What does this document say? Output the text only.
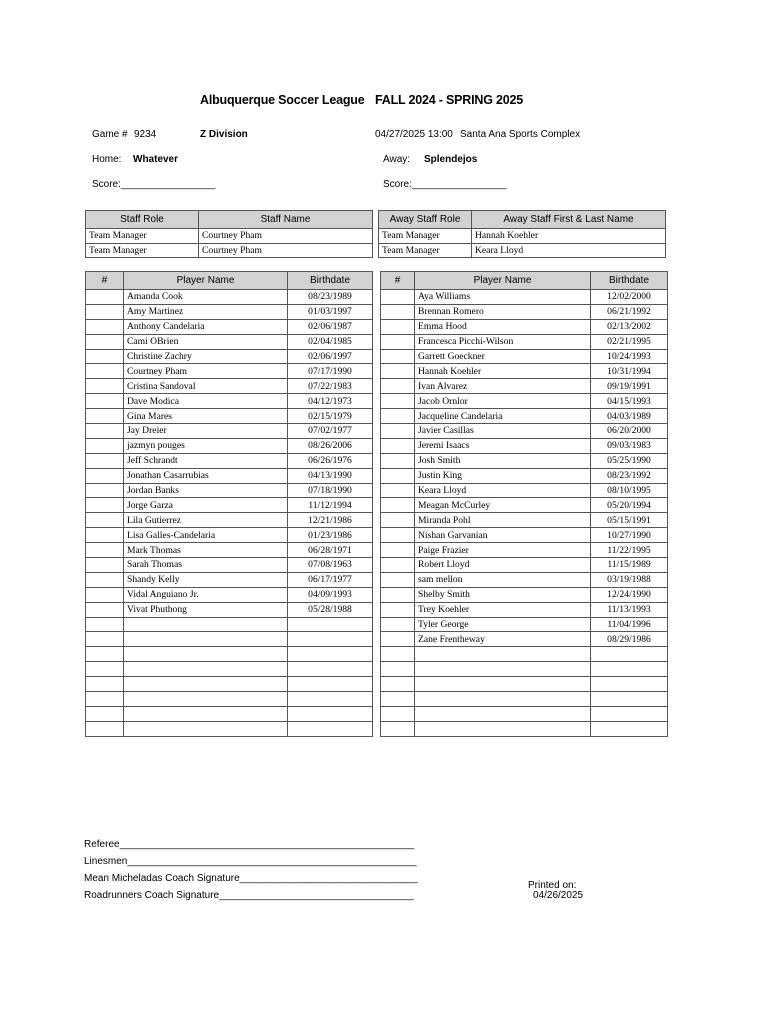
Albuquerque Soccer League FALL 2024 - SPRING 2025
Game # 9234	Z Division	04/27/2025 13:00 Santa Ana Sports Complex
Home: Whatever	Away: Splendejos
Score:_________________	Score:_________________
Staff Role	Staff Name
Team Manager	Courtney Pham
Team Manager	Courtney Pham
Away Staff Role	Away Staff First & Last Name
Team Manager	Hannah Koehler
Team Manager	Keara Lloyd
#	Player Name	Birthdate
	Amanda Cook	08/23/1989
	Amy Martinez	01/03/1997
	Anthony Candelaria	02/06/1987
	Cami OBrien	02/04/1985
	Christine Zachry	02/06/1997
	Courtney Pham	07/17/1990
	Cristina Sandoval	07/22/1983
	Dave Modica	04/12/1973
	Gina Mares	02/15/1979
	Jay Dreier	07/02/1977
	jazmyn pouges	08/26/2006
	Jeff Schrandt	06/26/1976
	Jonathan Casarrubias	04/13/1990
	Jordan Banks	07/18/1990
	Jorge Garza	11/12/1994
	Lila Gutierrez	12/21/1986
	Lisa Galles-Candelaria	01/23/1986
	Mark Thomas	06/28/1971
	Sarah Thomas	07/08/1963
	Shandy Kelly	06/17/1977
	Vidal Anguiano Jr.	04/09/1993
	Vivat Phuthong	05/28/1988

#	Player Name	Birthdate
	Aya Williams	12/02/2000
	Brennan Romero	06/21/1992
	Emma Hood	02/13/2002
	Francesca Picchi-Wilson	02/21/1995
	Garrett Goeckner	10/24/1993
	Hannah Koehler	10/31/1994
	Ivan Alvarez	09/19/1991
	Jacob Ornlor	04/15/1993
	Jacqueline Candelaria	04/03/1989
	Javier Casillas	06/20/2000
	Jeremi Isaacs	09/03/1983
	Josh Smith	05/25/1990
	Justin King	08/23/1992
	Keara Lloyd	08/10/1995
	Meagan McCurley	05/20/1994
	Miranda Pohl	05/15/1991
	Nishan Garvanian	10/27/1990
	Paige Frazier	11/22/1995
	Robert Lloyd	11/15/1989
	sam mellon	03/19/1988
	Shelby Smith	12/24/1990
	Trey Koehler	11/13/1993
	Tyler George	11/04/1996
	Zane Frentheway	08/29/1986

Referee_____________________________________________________
Linesmen____________________________________________________
Mean Micheladas Coach Signature________________________________
Roadrunners Coach Signature___________________________________
Printed on:
04/26/2025
